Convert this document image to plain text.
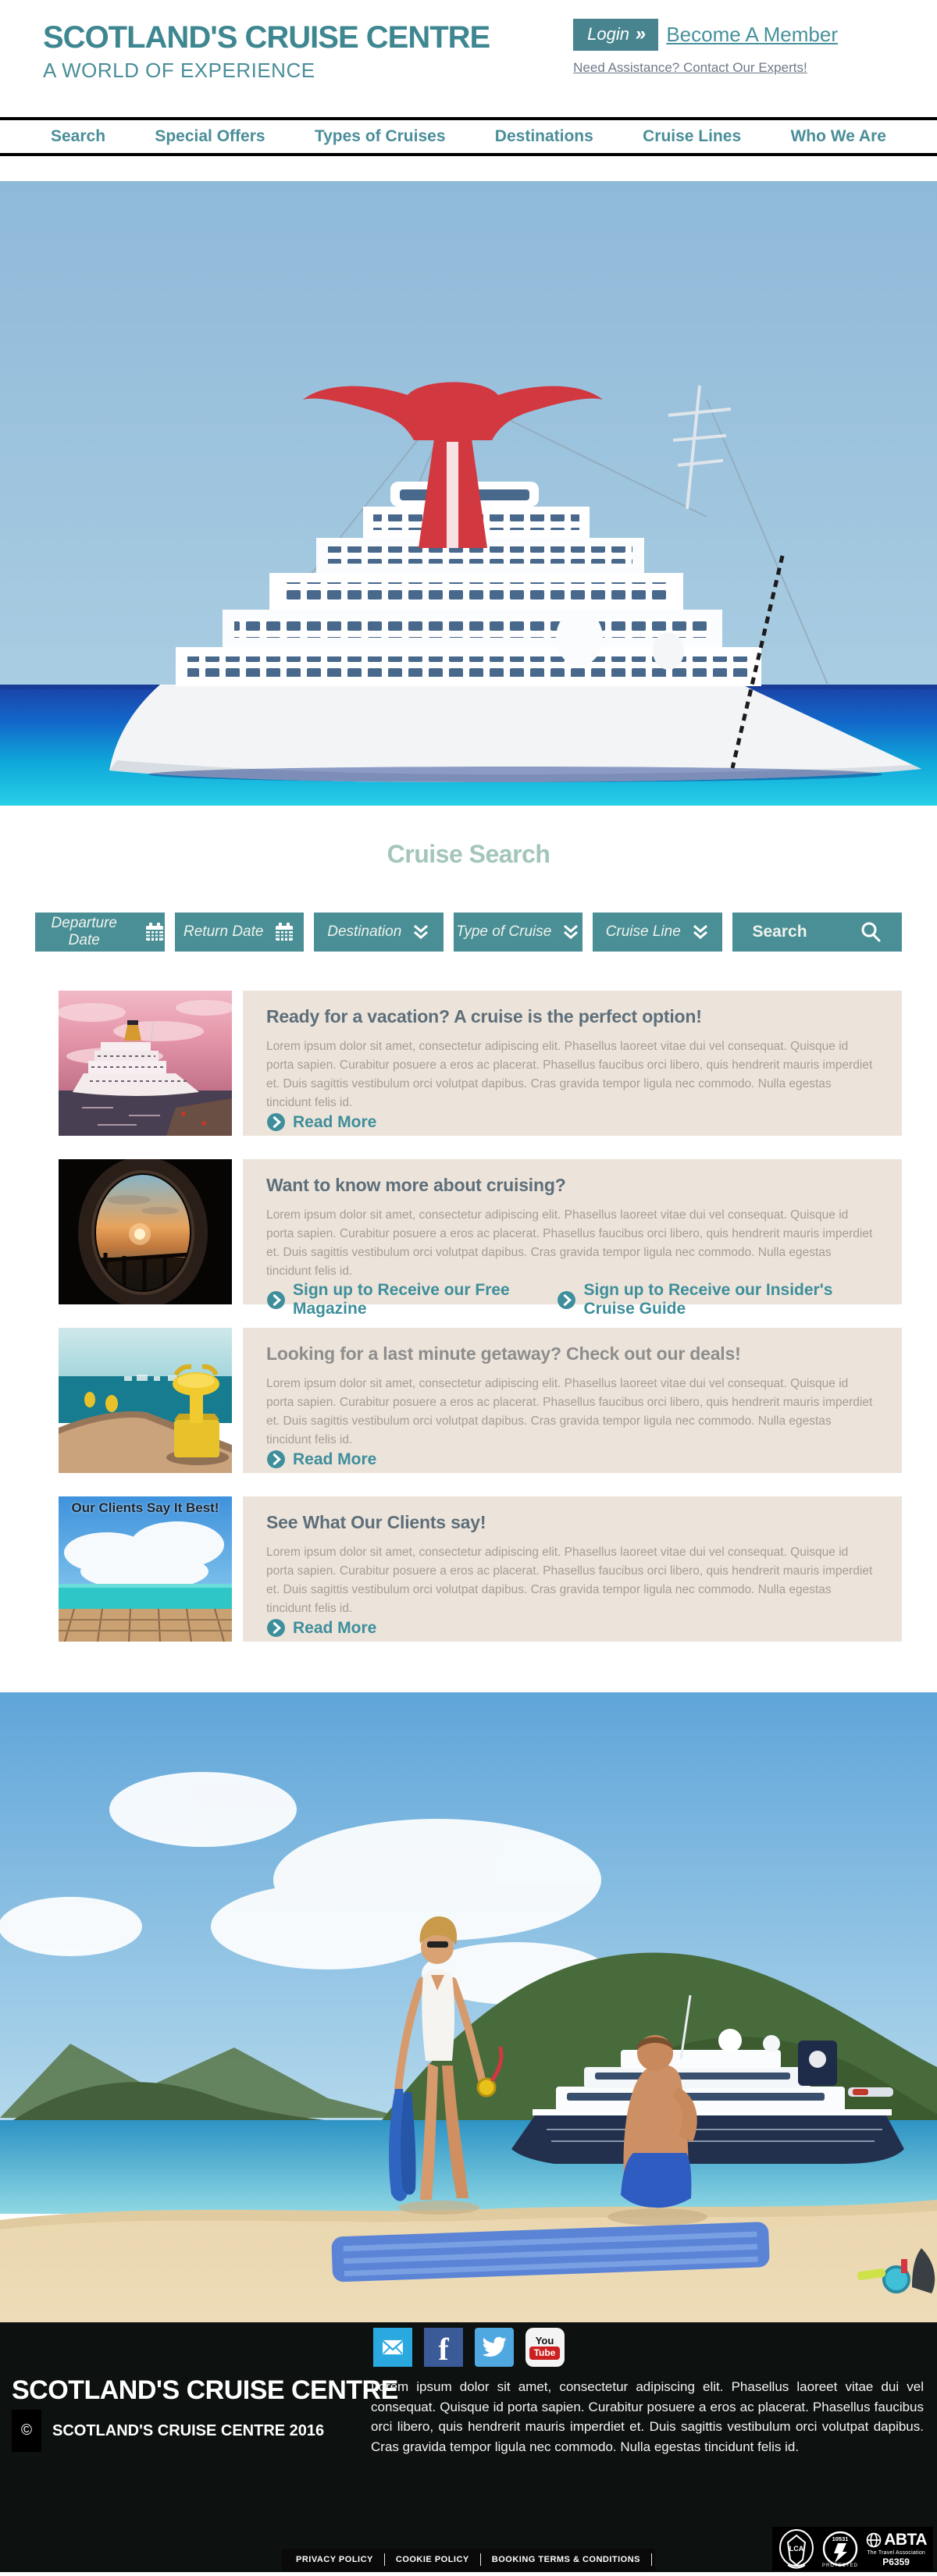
SCOTLAND'S CRUISE CENTRE
A WORLD OF EXPERIENCE
Login » Become A Member
Need Assistance? Contact Our Experts!
Search	Special Offers	Types of Cruises	Destinations	Cruise Lines	Who We Are
Cruise Search
Departure Date
Return Date	Destination	Type of Cruise	Cruise Line	Search
Ready for a vacation? A cruise is the perfect option!

Lorem ipsum dolor sit amet, consectetur adipiscing elit. Phasellus laoreet vitae dui vel consequat. Quisque id porta sapien. Curabitur posuere a eros ac placerat. Phasellus faucibus orci libero, quis hendrerit mauris imperdiet et. Duis sagittis vestibulum orci volutpat dapibus. Cras gravida tempor ligula nec commodo. Nulla egestas tincidunt felis id.

Read More
Want to know more about cruising?

Lorem ipsum dolor sit amet, consectetur adipiscing elit. Phasellus laoreet vitae dui vel consequat. Quisque id porta sapien. Curabitur posuere a eros ac placerat. Phasellus faucibus orci libero, quis hendrerit mauris imperdiet et. Duis sagittis vestibulum orci volutpat dapibus. Cras gravida tempor ligula nec commodo. Nulla egestas tincidunt felis id.

Sign up to Receive our Free Magazine
Sign up to Receive our Insider's Cruise Guide
Looking for a last minute getaway? Check out our deals!

Lorem ipsum dolor sit amet, consectetur adipiscing elit. Phasellus laoreet vitae dui vel consequat. Quisque id porta sapien. Curabitur posuere a eros ac placerat. Phasellus faucibus orci libero, quis hendrerit mauris imperdiet et. Duis sagittis vestibulum orci volutpat dapibus. Cras gravida tempor ligula nec commodo. Nulla egestas tincidunt felis id.

Read More
Our Clients Say It Best!
See What Our Clients say!

Lorem ipsum dolor sit amet, consectetur adipiscing elit. Phasellus laoreet vitae dui vel consequat. Quisque id porta sapien. Curabitur posuere a eros ac placerat. Phasellus faucibus orci libero, quis hendrerit mauris imperdiet et. Duis sagittis vestibulum orci volutpat dapibus. Cras gravida tempor ligula nec commodo. Nulla egestas tincidunt felis id.

Read More
f	You
Tube
SCOTLAND'S CRUISE CENTRE
©	SCOTLAND'S CRUISE CENTRE 2016
Lorem ipsum dolor sit amet, consectetur adipiscing elit. Phasellus laoreet vitae dui vel consequat. Quisque id porta sapien. Curabitur posuere a eros ac placerat. Phasellus faucibus orci libero, quis hendrerit mauris imperdiet et. Duis sagittis vestibulum orci volutpat dapibus. Cras gravida tempor ligula nec commodo. Nulla egestas tincidunt felis id.
PRIVACY POLICY	COOKIE POLICY	BOOKING TERMS & CONDITIONS
LCA
10531
PROTECTED
ABTA
The Travel Association
P6359
